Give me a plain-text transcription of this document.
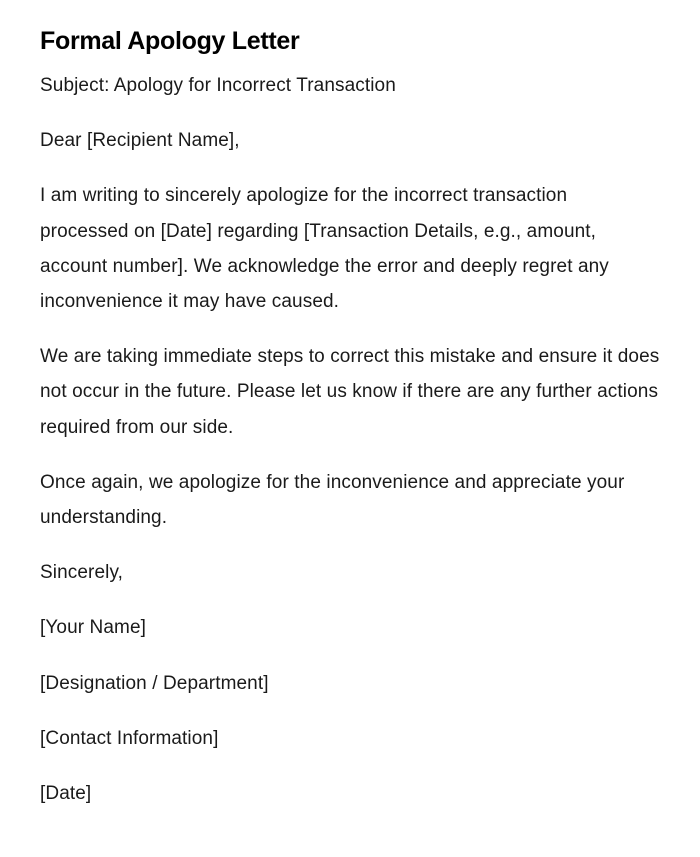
Formal Apology Letter

Subject: Apology for Incorrect Transaction

Dear [Recipient Name],

I am writing to sincerely apologize for the incorrect transaction processed on [Date] regarding [Transaction Details, e.g., amount, account number]. We acknowledge the error and deeply regret any inconvenience it may have caused.

We are taking immediate steps to correct this mistake and ensure it does not occur in the future. Please let us know if there are any further actions required from our side.

Once again, we apologize for the inconvenience and appreciate your understanding.

Sincerely,

[Your Name]

[Designation / Department]

[Contact Information]

[Date]
